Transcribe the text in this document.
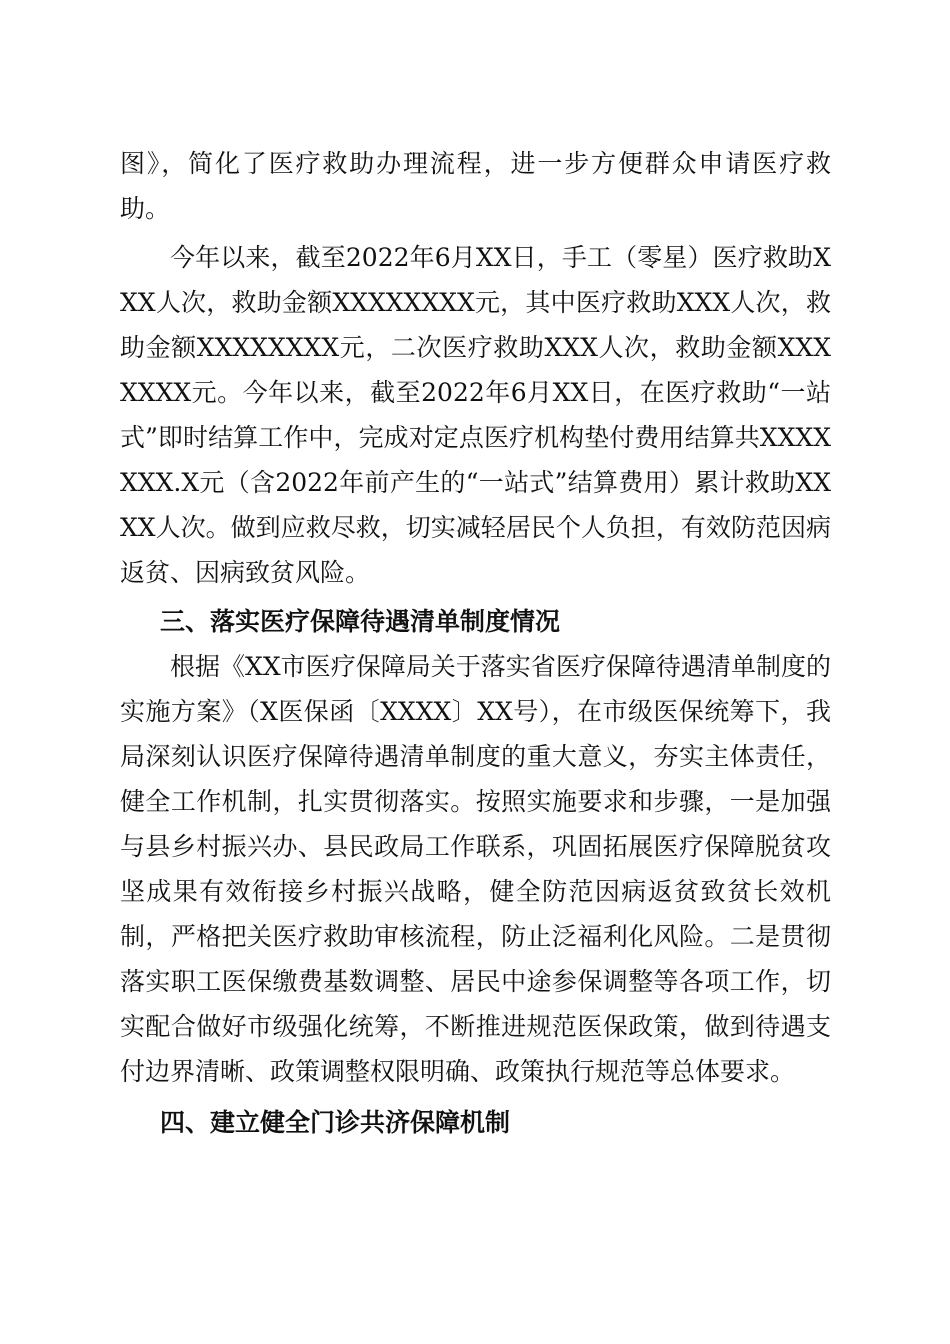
图》，简化了医疗救助办理流程，进一步方便群众申请医疗救助。

今年以来，截至2022年6月XX日，手工（零星）医疗救助XXX人次，救助金额XXXXXXXX元，其中医疗救助XXX人次，救助金额XXXXXXXX元，二次医疗救助XXX人次，救助金额XXXXXXX元。今年以来，截至2022年6月XX日，在医疗救助“一站式”即时结算工作中，完成对定点医疗机构垫付费用结算共XXXXXXX.X元（含2022年前产生的“一站式”结算费用）累计救助XXXX人次。做到应救尽救，切实减轻居民个人负担，有效防范因病返贫、因病致贫风险。

三、落实医疗保障待遇清单制度情况

根据《XX市医疗保障局关于落实省医疗保障待遇清单制度的实施方案》（X医保函〔XXXX〕XX号），在市级医保统筹下，我局深刻认识医疗保障待遇清单制度的重大意义，夯实主体责任，健全工作机制，扎实贯彻落实。按照实施要求和步骤，一是加强与县乡村振兴办、县民政局工作联系，巩固拓展医疗保障脱贫攻坚成果有效衔接乡村振兴战略，健全防范因病返贫致贫长效机制，严格把关医疗救助审核流程，防止泛福利化风险。二是贯彻落实职工医保缴费基数调整、居民中途参保调整等各项工作，切实配合做好市级强化统筹，不断推进规范医保政策，做到待遇支付边界清晰、政策调整权限明确、政策执行规范等总体要求。

四、建立健全门诊共济保障机制
